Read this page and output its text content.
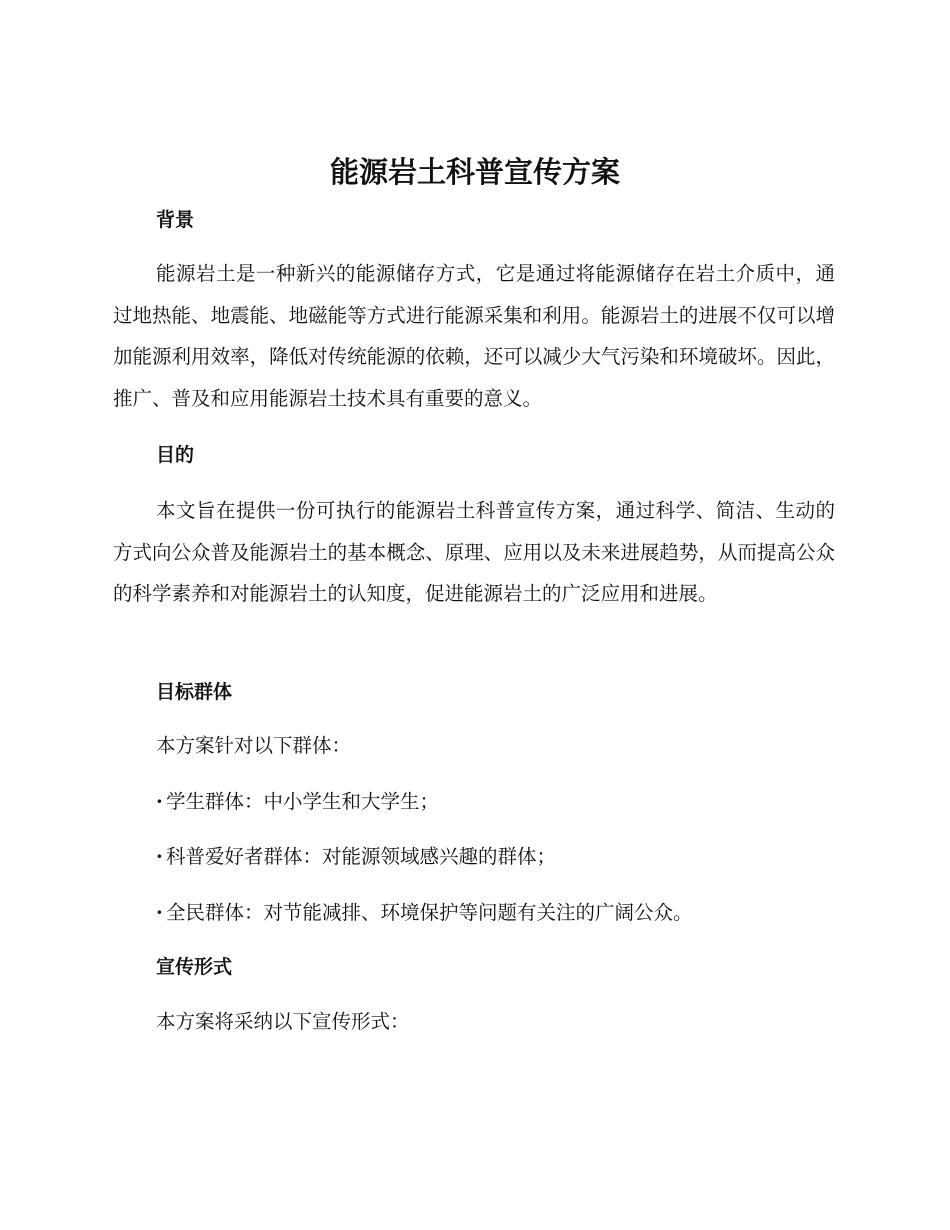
能源岩土科普宣传方案
背景

能源岩土是一种新兴的能源储存方式，它是通过将能源储存在岩土介质中，通过地热能、地震能、地磁能等方式进行能源采集和利用。能源岩土的进展不仅可以增加能源利用效率，降低对传统能源的依赖，还可以减少大气污染和环境破坏。因此，推广、普及和应用能源岩土技术具有重要的意义。

目的

本文旨在提供一份可执行的能源岩土科普宣传方案，通过科学、简洁、生动的方式向公众普及能源岩土的基本概念、原理、应用以及未来进展趋势，从而提高公众的科学素养和对能源岩土的认知度，促进能源岩土的广泛应用和进展。

目标群体

本方案针对以下群体：

· 学生群体：中小学生和大学生；

· 科普爱好者群体：对能源领域感兴趣的群体；

· 全民群体：对节能减排、环境保护等问题有关注的广阔公众。

宣传形式

本方案将采纳以下宣传形式：
